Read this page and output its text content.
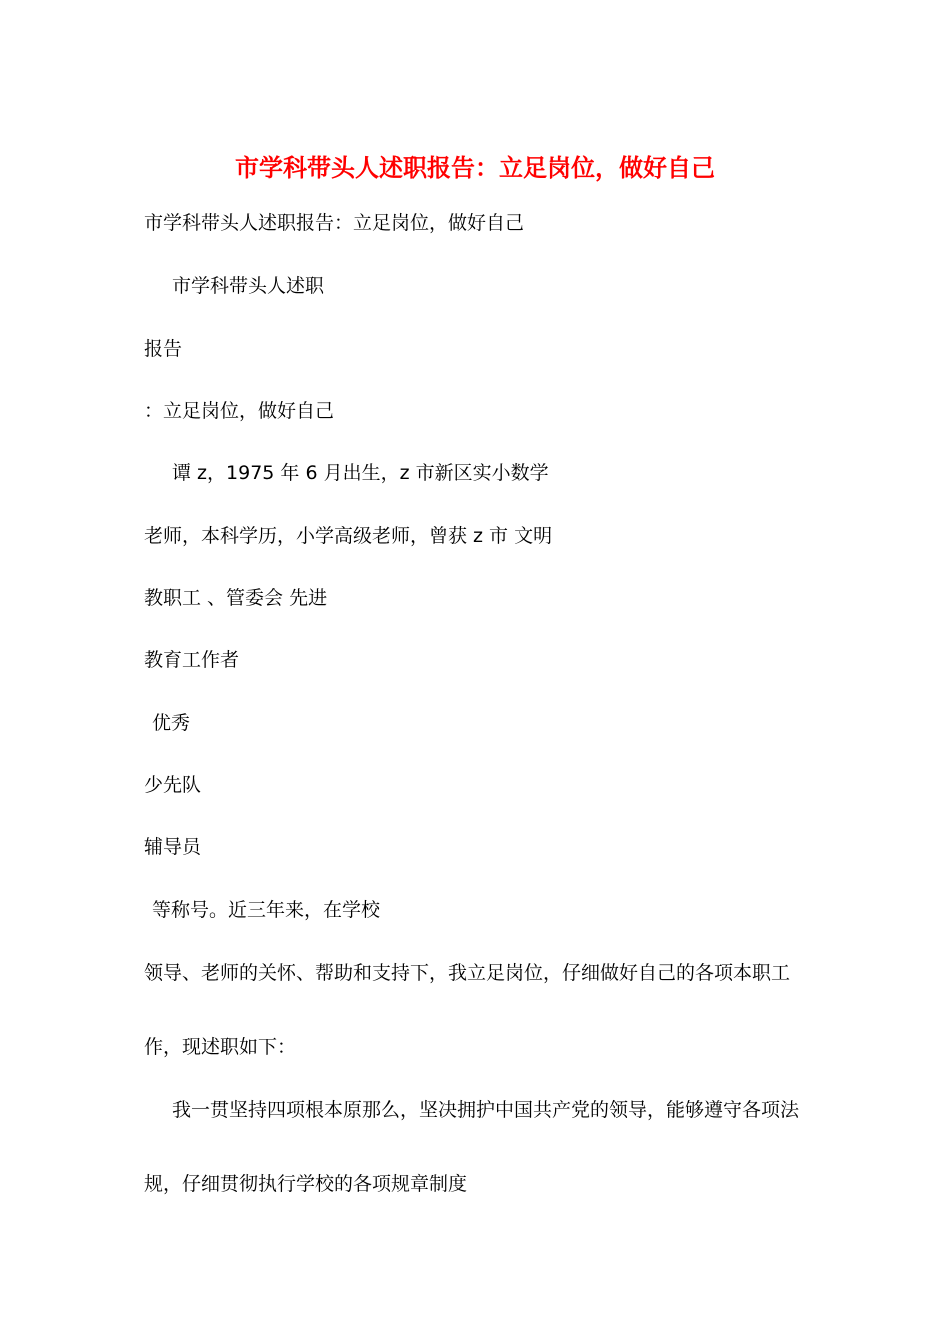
市学科带头人述职报告：立足岗位，做好自己

市学科带头人述职报告：立足岗位，做好自己

市学科带头人述职

报告

：立足岗位，做好自己

谭 z，1975 年 6 月出生，z 市新区实小数学

老师，本科学历，小学高级老师，曾获 z 市 文明

教职工 、管委会 先进

教育工作者

优秀

少先队

辅导员

等称号。近三年来，在学校

领导、老师的关怀、帮助和支持下，我立足岗位，仔细做好自己的各项本职工

作，现述职如下：

我一贯坚持四项根本原那么，坚决拥护中国共产党的领导，能够遵守各项法

规，仔细贯彻执行学校的各项规章制度
